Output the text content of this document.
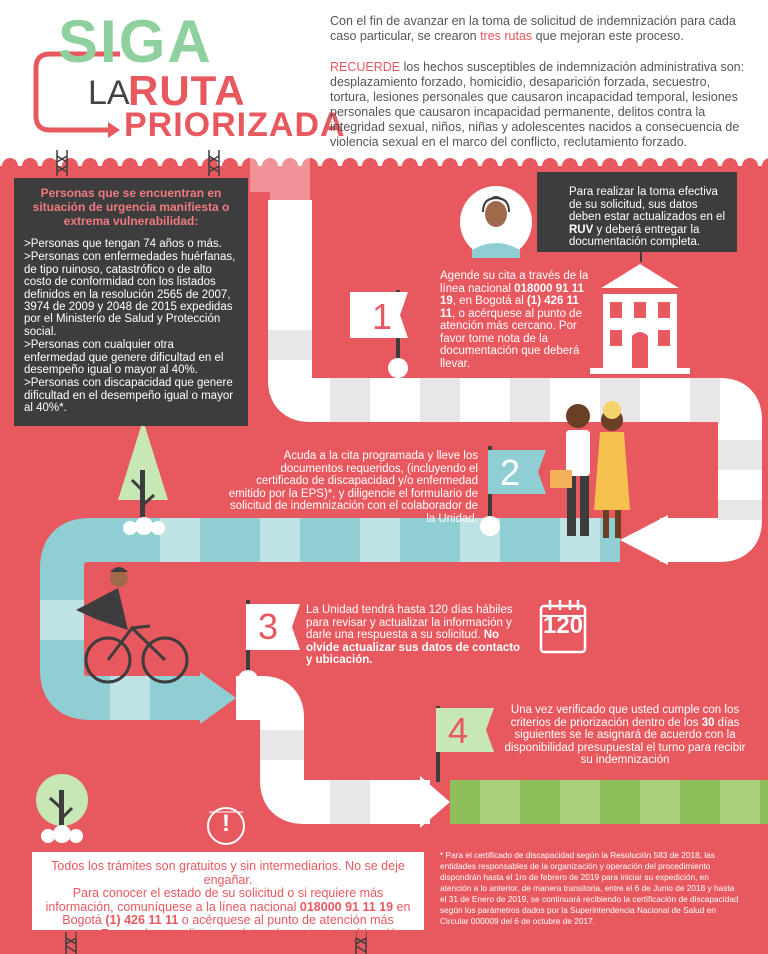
SIGA
LA
RUTA
PRIORIZADA
Con el fin de avanzar en la toma de solicitud de indemnización para cada caso particular, se crearon tres rutas que mejoran este proceso.
RECUERDE los hechos susceptibles de indemnización administrativa son: desplazamiento forzado, homicidio, desaparición forzada, secuestro, tortura, lesiones personales que causaron incapacidad temporal, lesiones personales que causaron incapacidad permanente, delitos contra la integridad sexual, niños, niñas y adolescentes nacidos a consecuencia de violencia sexual en el marco del conflicto, reclutamiento forzado.
Personas que se encuentran en situación de urgencia manifiesta o extrema vulnerabilidad:
>Personas que tengan 74 años o más.
>Personas con enfermedades huérfanas, de tipo ruinoso, catastrófico o de alto costo de conformidad con los listados definidos en la resolución 2565 de 2007, 3974 de 2009 y 2048 de 2015 expedidas por el Ministerio de Salud y Protección social.
>Personas con cualquier otra enfermedad que genere dificultad en el desempeño igual o mayor al 40%.
>Personas con discapacidad que genere dificultad en el desempeño igual o mayor al 40%*.
Para realizar la toma efectiva de su solicitud, sus datos deben estar actualizados en el RUV y deberá entregar la documentación completa.
1
Agende su cita a través de la línea nacional 018000 91 11 19, en Bogotá al (1) 426 11 11, o acérquese al punto de atención más cercano. Por favor tome nota de la documentación que deberá llevar.
Acuda a la cita programada y lleve los documentos requeridos, (incluyendo el certificado de discapacidad y/o enfermedad emitido por la EPS)*, y diligencie el formulario de solicitud de indemnización con el colaborador de la Unidad.
2
3 La Unidad tendrá hasta 120 días hábiles para revisar y actualizar la información y darle una respuesta a su solicitud. No olvide actualizar sus datos de contacto y ubicación.
120
4	Una vez verificado que usted cumple con los criterios de priorización dentro de los 30 días siguientes se le asignará de acuerdo con la disponibilidad presupuestal el turno para recibir su indemnización
!
Todos los trámites son gratuitos y sin intermediarios. No se deje engañar.
Para conocer el estado de su solicitud o si requiere más información, comuníquese a la línea nacional 018000 91 11 19 en Bogotá (1) 426 11 11 o acérquese al punto de atención más cercano. Recuerde actualizar sus datos de contacto y ubicación.
* Para el certificado de discapacidad según la Resolución 583 de 2018, las entidades responsables de la organización y operación del procedimiento dispondrán hasta el 1ro de febrero de 2019 para iniciar su expedición, en atención a lo anterior, de manera transitoria, entre el 6 de Junio de 2018 y hasta el 31 de Enero de 2019, se continuará recibiendo la certificación de discapacidad según los parámetros dados por la Superintendencia Nacional de Salud en Circular 000009 del 6 de octubre de 2017.
